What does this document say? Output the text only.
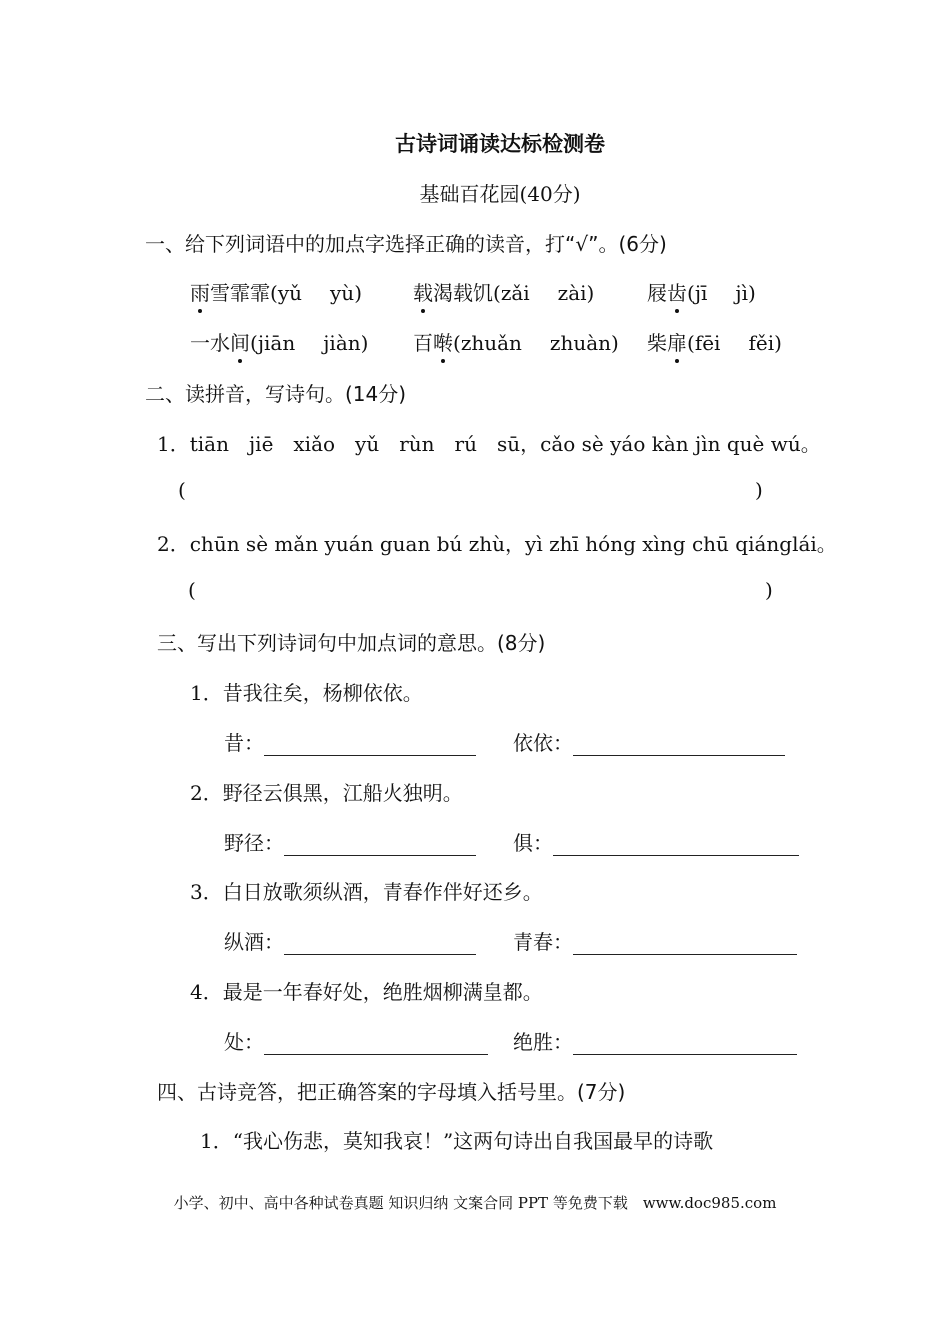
古诗词诵读达标检测卷
基础百花园(40分)
一、给下列词语中的加点字选择正确的读音，打“√”。(6分)
雨雪霏霏(yǔ yù)	载渴载饥(zǎi zài)	屐齿(jī jì)
一水间(jiān jiàn) 百啭(zhuǎn zhuàn) 柴扉(fēi fěi)
二、读拼音，写诗句。(14分)
1．tiān　jiē　xiǎo　yǔ　rùn　rú　sū，cǎo sè yáo kàn jìn què wú。
(	)
2．chūn sè mǎn yuán guan bú zhù，yì zhī hóng xìng chū qiánglái。
(	)
三、写出下列诗词句中加点词的意思。(8分)
1．昔我往矣，杨柳依依。
昔：	依依：
2．野径云俱黑，江船火独明。
野径：	俱：
3．白日放歌须纵酒，青春作伴好还乡。
纵酒：	青春：
4．最是一年春好处，绝胜烟柳满皇都。
处：	绝胜：
四、古诗竞答，把正确答案的字母填入括号里。(7分)
1．“我心伤悲，莫知我哀！”这两句诗出自我国最早的诗歌
小学、初中、高中各种试卷真题 知识归纳 文案合同 PPT 等免费下载　www.doc985.com
